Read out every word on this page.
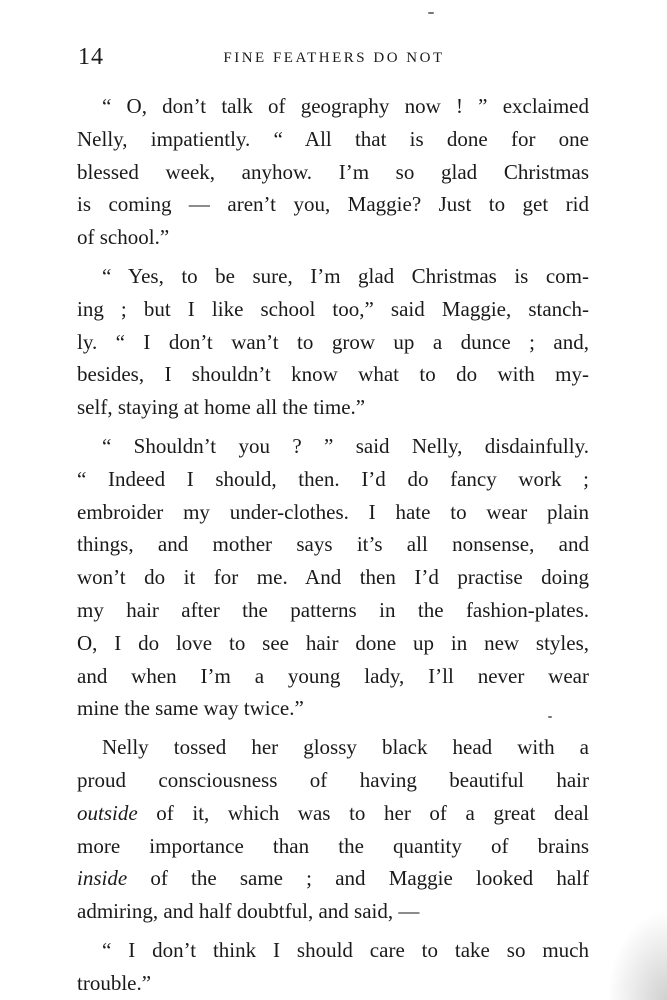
14	FINE FEATHERS DO NOT
“ O, don’t talk of geography now ! ” exclaimed
Nelly, impatiently. “ All that is done for one
blessed week, anyhow. I’m so glad Christmas
is coming — aren’t you, Maggie? Just to get rid
of school.”
“ Yes, to be sure, I’m glad Christmas is com-
ing ; but I like school too,” said Maggie, stanch-
ly. “ I don’t wan’t to grow up a dunce ; and,
besides, I shouldn’t know what to do with my-
self, staying at home all the time.”
“ Shouldn’t you ? ” said Nelly, disdainfully.
“ Indeed I should, then. I’d do fancy work ;
embroider my under-clothes. I hate to wear plain
things, and mother says it’s all nonsense, and
won’t do it for me. And then I’d practise doing
my hair after the patterns in the fashion-plates.
O, I do love to see hair done up in new styles,
and when I’m a young lady, I’ll never wear
mine the same way twice.”
Nelly tossed her glossy black head with a
proud consciousness of having beautiful hair
outside of it, which was to her of a great deal
more importance than the quantity of brains
inside of the same ; and Maggie looked half
admiring, and half doubtful, and said, —
“ I don’t think I should care to take so much
trouble.”
